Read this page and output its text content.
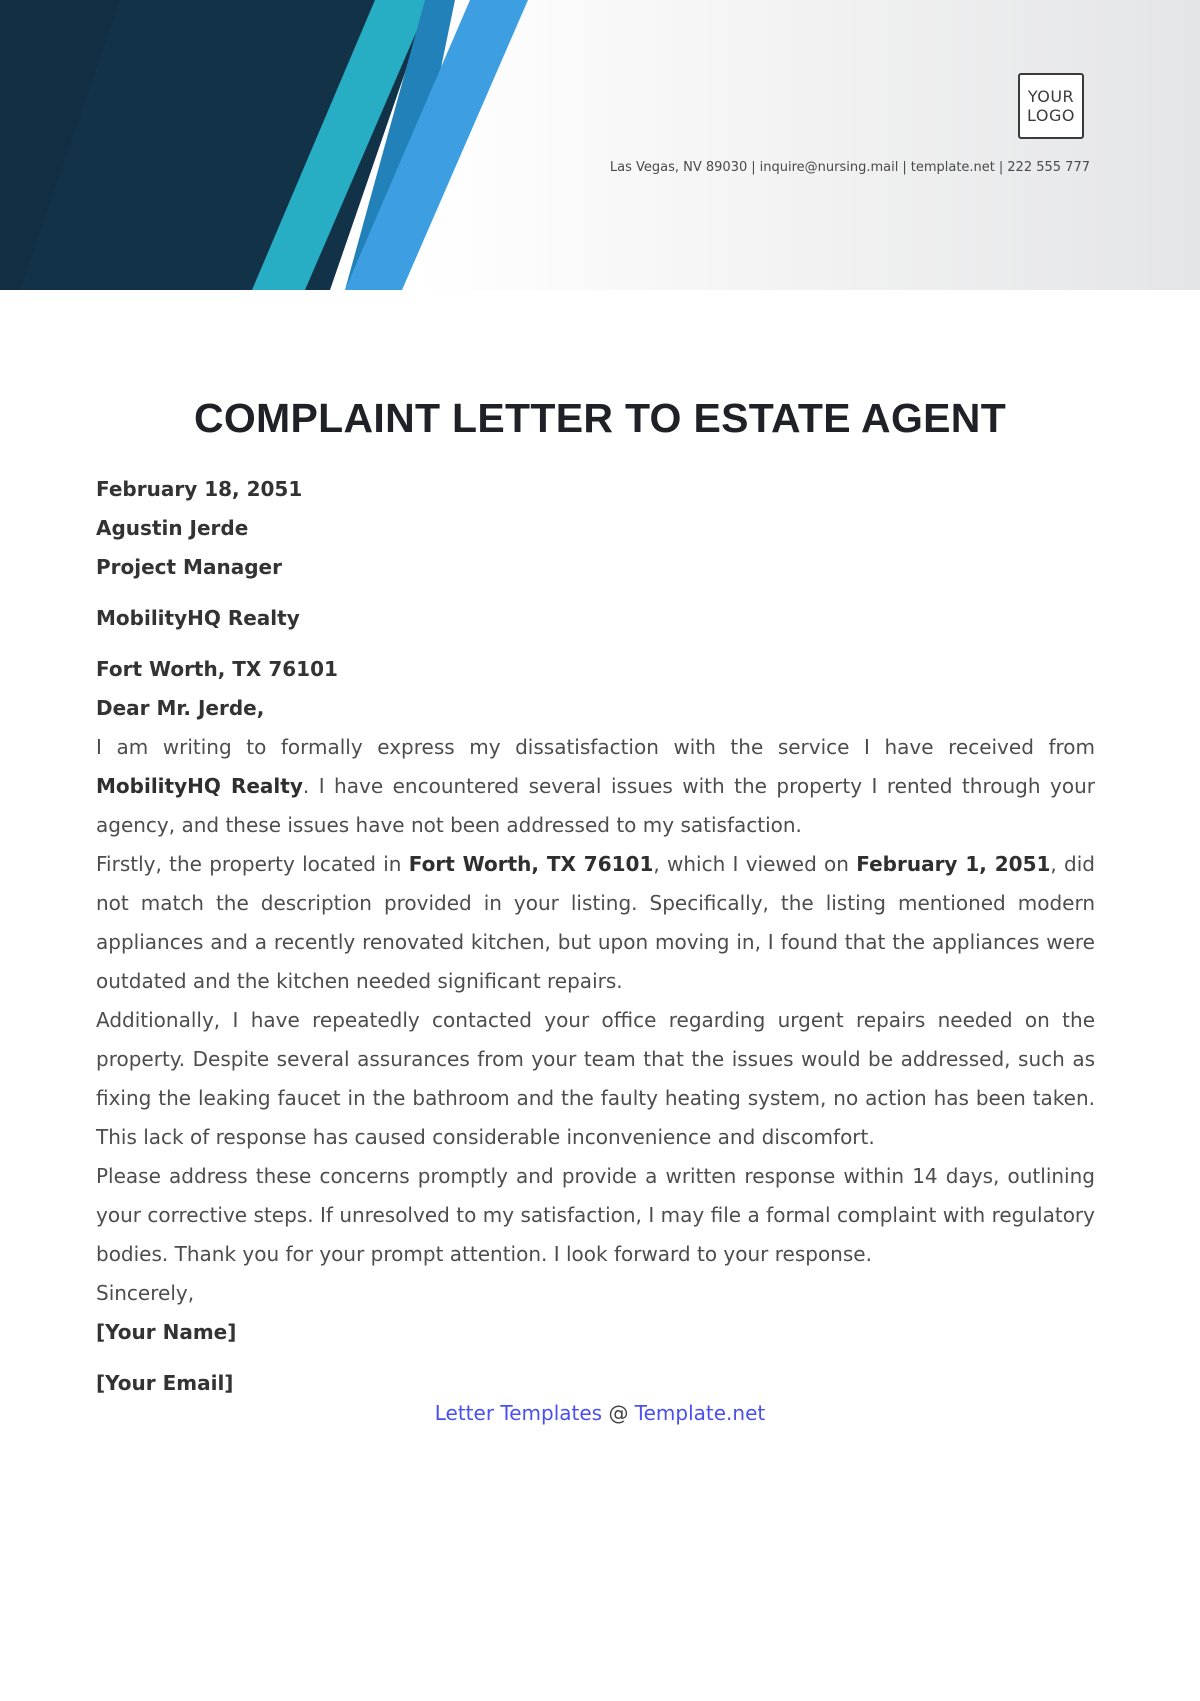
YOUR
LOGO
Las Vegas, NV 89030 | inquire@nursing.mail | template.net | 222 555 777
COMPLAINT LETTER TO ESTATE AGENT
February 18, 2051
Agustin Jerde
Project Manager
MobilityHQ Realty
Fort Worth, TX 76101
Dear Mr. Jerde,

I am writing to formally express my dissatisfaction with the service I have received from MobilityHQ Realty. I have encountered several issues with the property I rented through your agency, and these issues have not been addressed to my satisfaction.

Firstly, the property located in Fort Worth, TX 76101, which I viewed on February 1, 2051, did not match the description provided in your listing. Specifically, the listing mentioned modern appliances and a recently renovated kitchen, but upon moving in, I found that the appliances were outdated and the kitchen needed significant repairs.

Additionally, I have repeatedly contacted your office regarding urgent repairs needed on the property. Despite several assurances from your team that the issues would be addressed, such as fixing the leaking faucet in the bathroom and the faulty heating system, no action has been taken. This lack of response has caused considerable inconvenience and discomfort.

Please address these concerns promptly and provide a written response within 14 days, outlining your corrective steps. If unresolved to my satisfaction, I may file a formal complaint with regulatory bodies. Thank you for your prompt attention. I look forward to your response.

Sincerely,

[Your Name]
[Your Email]
Letter Templates @ Template.net
